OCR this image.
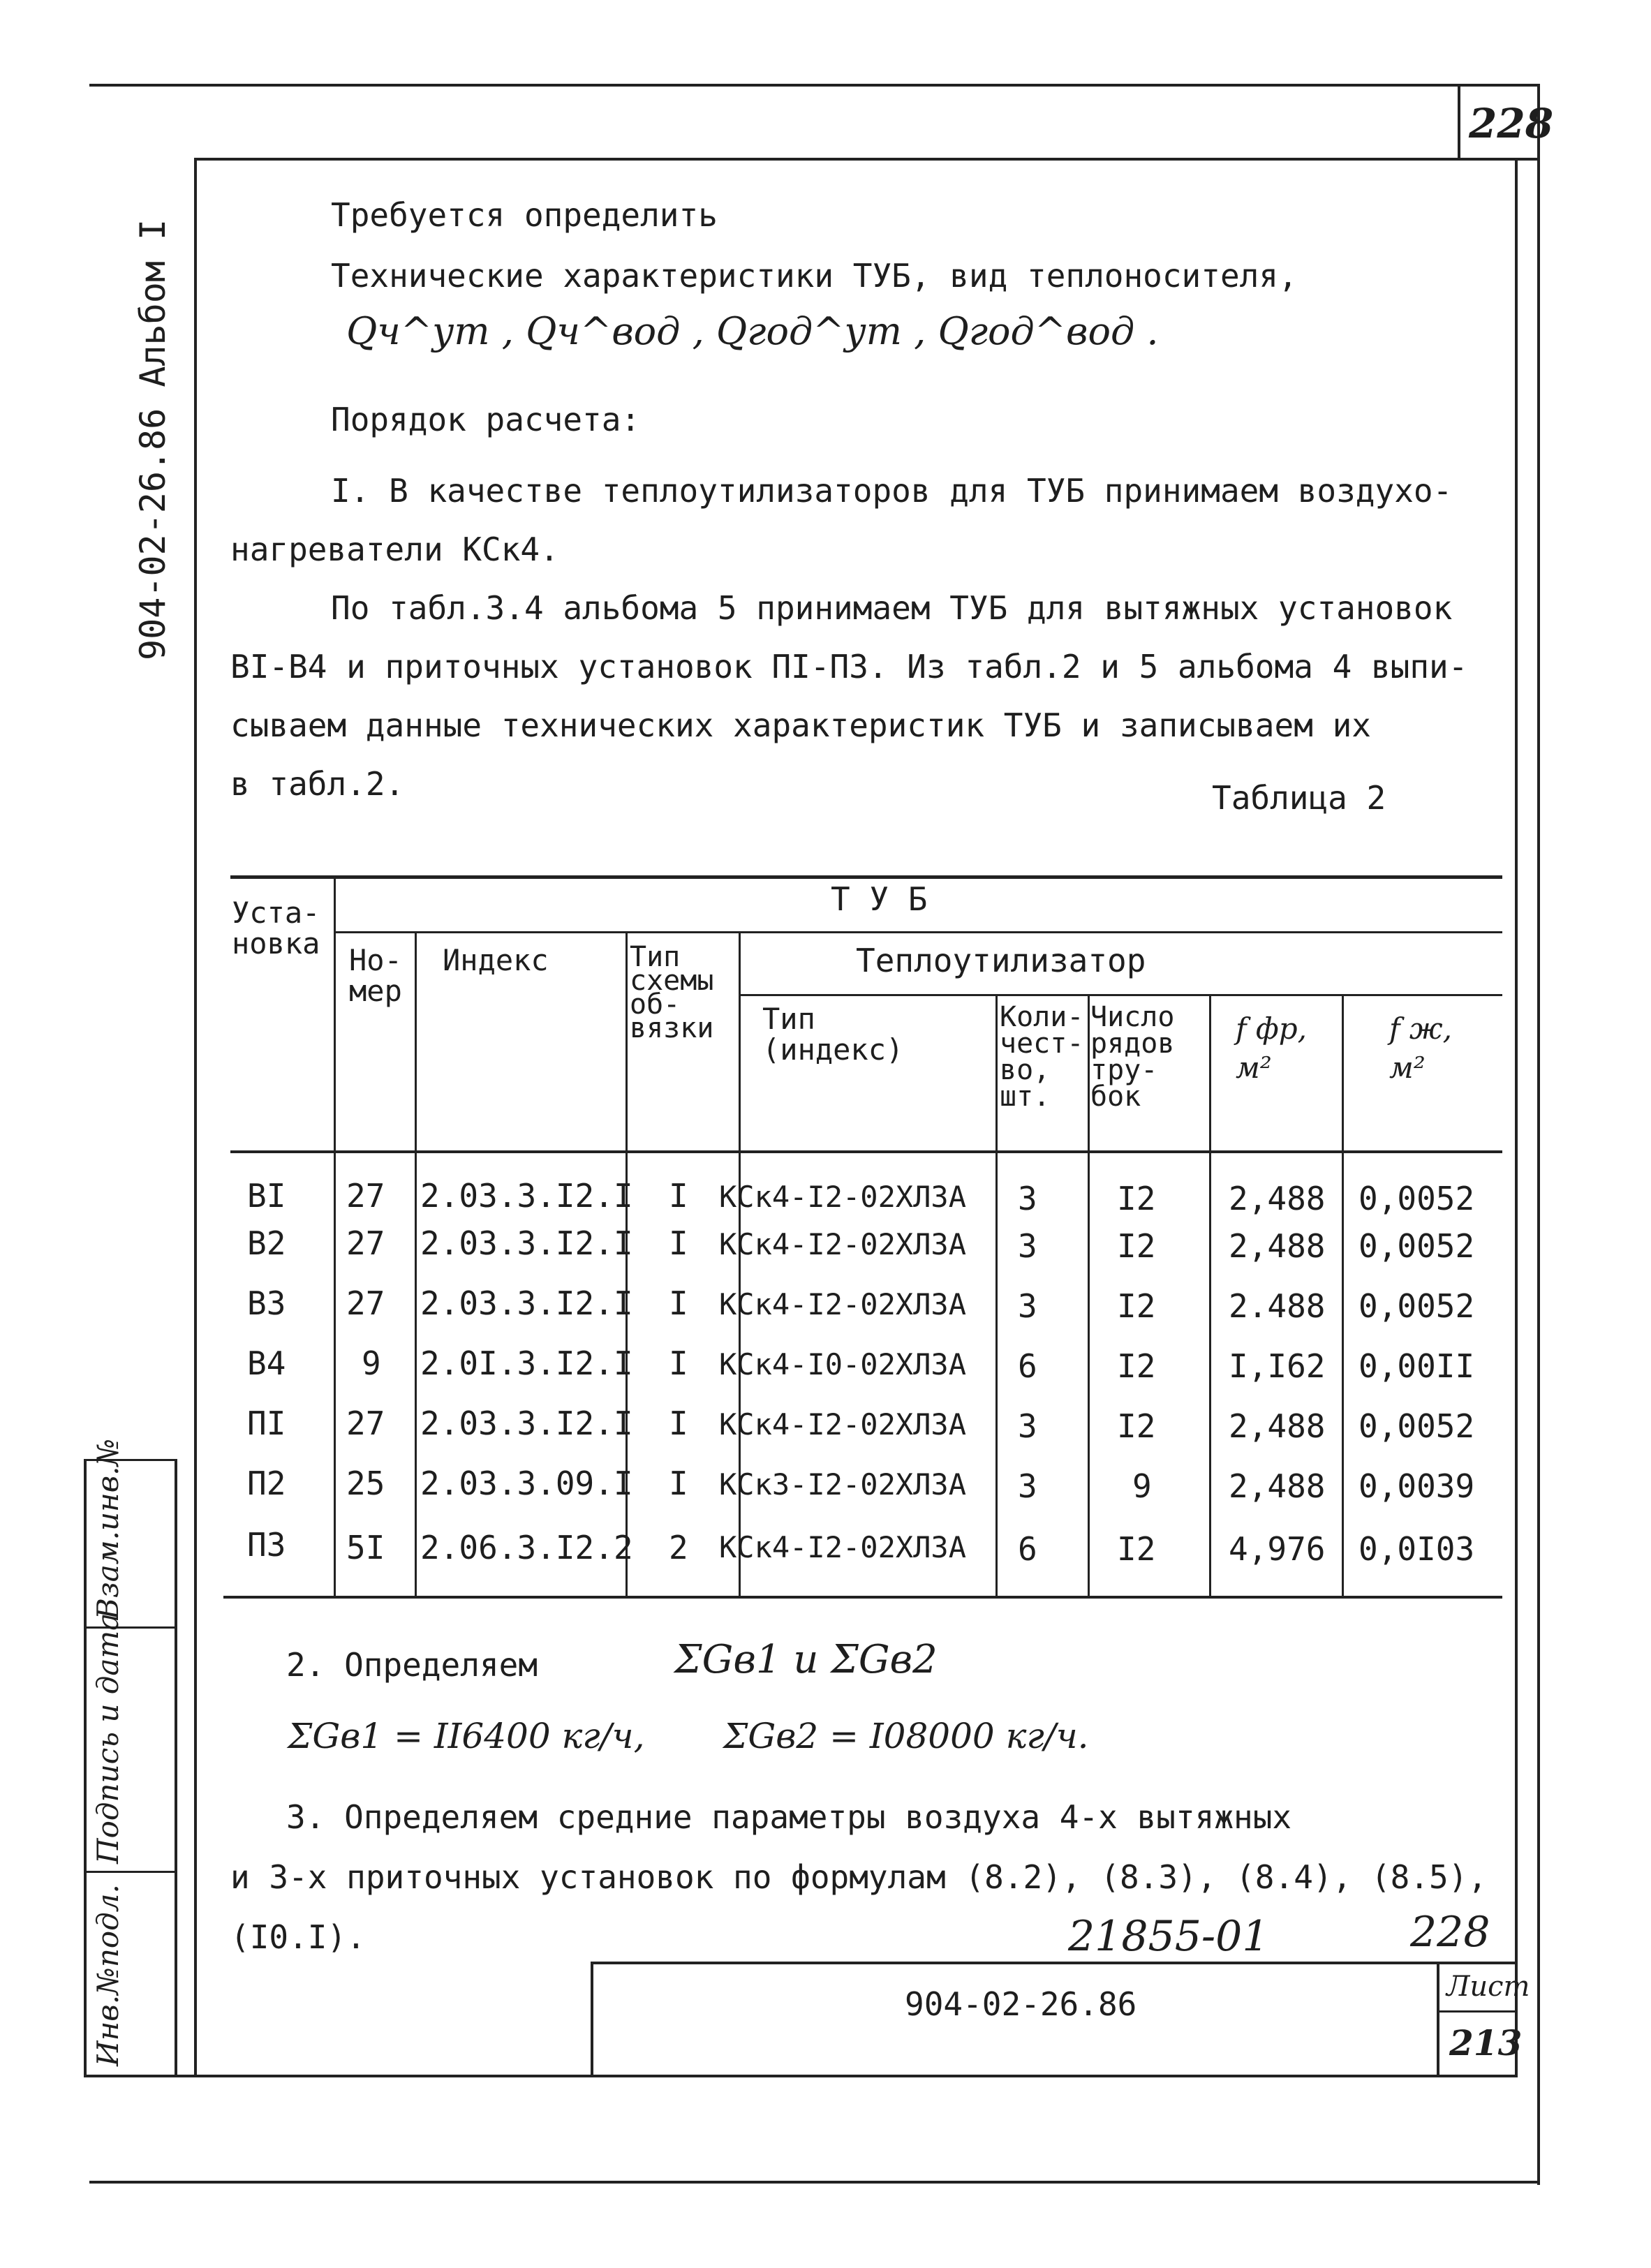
228
904-02-26.86 Альбом I
Инв.№подл.
Подпись и дата
Взам.инв.№
Требуется определить
Технические характеристики ТУБ, вид теплоносителя,
Qч^ут , Qч^вод , Qгод^ут , Qгод^вод .
Порядок расчета:
I. В качестве теплоутилизаторов для ТУБ принимаем воздухо-
нагреватели КСк4.
По табл.3.4 альбома 5 принимаем ТУБ для вытяжных установок
ВI-В4 и приточных установок ПI-П3. Из табл.2 и 5 альбома 4 выпи-
сываем данные технических характеристик ТУБ и записываем их
в табл.2.	Таблица 2
Уста-
новка
Т У Б
Но-
мер
Индекс	Тип
схемы
об-
вязки
Теплоутилизатор
Тип
(индекс)
Коли-
чест-
во,
шт.
Число
рядов
тру-
бок
f фр,
м²
f ж,
м²
ВI 27 2.03.3.I2.I I КСк4-I2-02ХЛ3А 3 I2 2,488 0,0052
В2 27 2.03.3.I2.I I КСк4-I2-02ХЛ3А 3 I2 2,488 0,0052
В3 27 2.03.3.I2.I I КСк4-I2-02ХЛ3А 3 I2 2.488 0,0052
В4 9 2.0I.3.I2.I I КСк4-I0-02ХЛ3А 6 I2 I,I62 0,00II
ПI 27 2.03.3.I2.I I КСк4-I2-02ХЛ3А 3 I2 2,488 0,0052
П2 25 2.03.3.09.I I КСк3-I2-02ХЛ3А 3	9 2,488 0,0039
П3 5I 2.06.3.I2.2 2 КСк4-I2-02ХЛ3А 6 I2 4,976 0,0I03
2. Определяем	ΣGв1 и ΣGв2
ΣGв1 = II6400 кг/ч, ΣGв2 = I08000 кг/ч.
3. Определяем средние параметры воздуха 4-х вытяжных
и 3-х приточных установок по формулам (8.2), (8.3), (8.4), (8.5),
(I0.I).	21855-01	228
904-02-26.86	Лист
213
